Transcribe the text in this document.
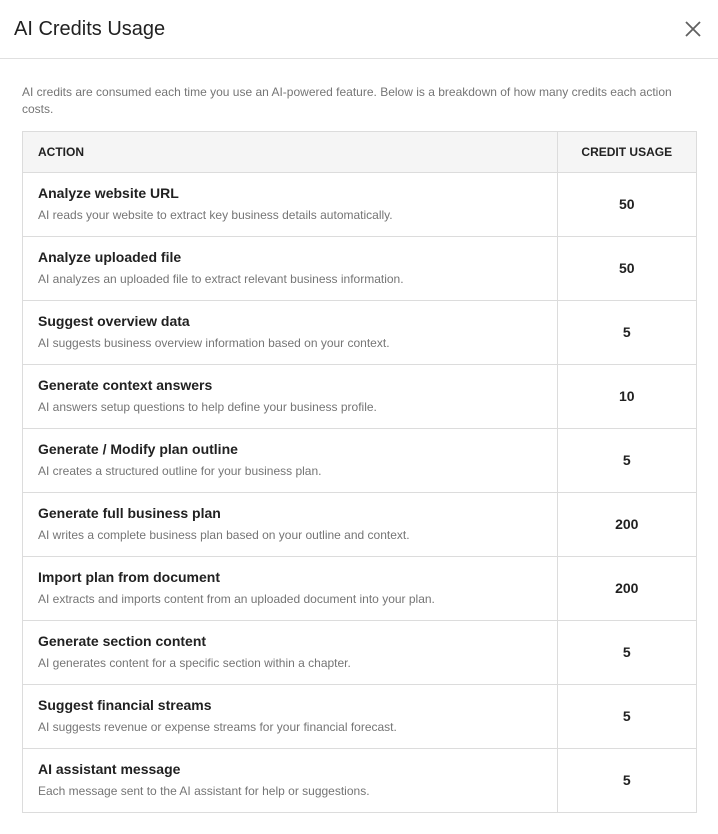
AI Credits Usage

AI credits are consumed each time you use an AI-powered feature. Below is a breakdown of how many credits each action costs.

ACTION	CREDIT USAGE

Analyze website URL
AI reads your website to extract key business details automatically.	50

Analyze uploaded file
AI analyzes an uploaded file to extract relevant business information.	50

Suggest overview data
AI suggests business overview information based on your context.	5

Generate context answers
AI answers setup questions to help define your business profile.	10

Generate / Modify plan outline
AI creates a structured outline for your business plan.	5

Generate full business plan
AI writes a complete business plan based on your outline and context.	200

Import plan from document
AI extracts and imports content from an uploaded document into your plan.	200

Generate section content
AI generates content for a specific section within a chapter.	5

Suggest financial streams
AI suggests revenue or expense streams for your financial forecast.	5

AI assistant message
Each message sent to the AI assistant for help or suggestions.	5
